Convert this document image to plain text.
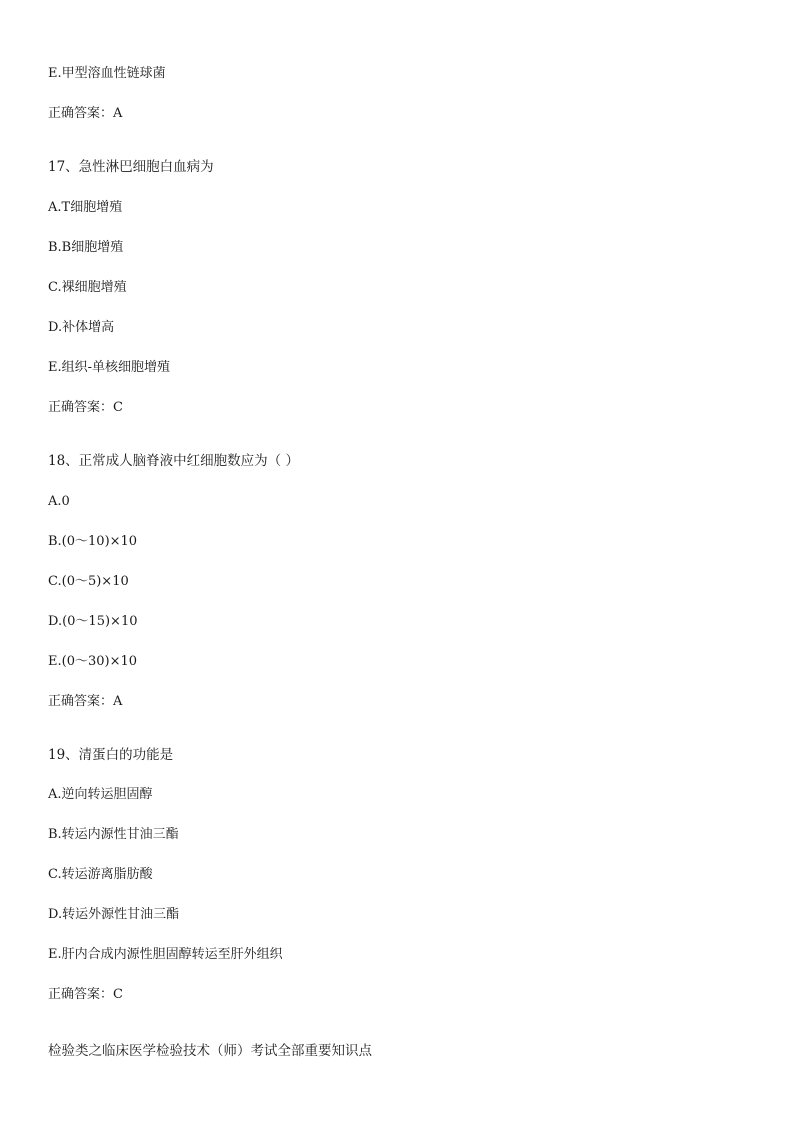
E.甲型溶血性链球菌
正确答案：A
17、急性淋巴细胞白血病为
A.T细胞增殖
B.B细胞增殖
C.裸细胞增殖
D.补体增高
E.组织-单核细胞增殖
正确答案：C
18、正常成人脑脊液中红细胞数应为（ ）
A.0
B.(0～10)×10
C.(0～5)×10
D.(0～15)×10
E.(0～30)×10
正确答案：A
19、清蛋白的功能是
A.逆向转运胆固醇
B.转运内源性甘油三酯
C.转运游离脂肪酸
D.转运外源性甘油三酯
E.肝内合成内源性胆固醇转运至肝外组织
正确答案：C
检验类之临床医学检验技术（师）考试全部重要知识点
